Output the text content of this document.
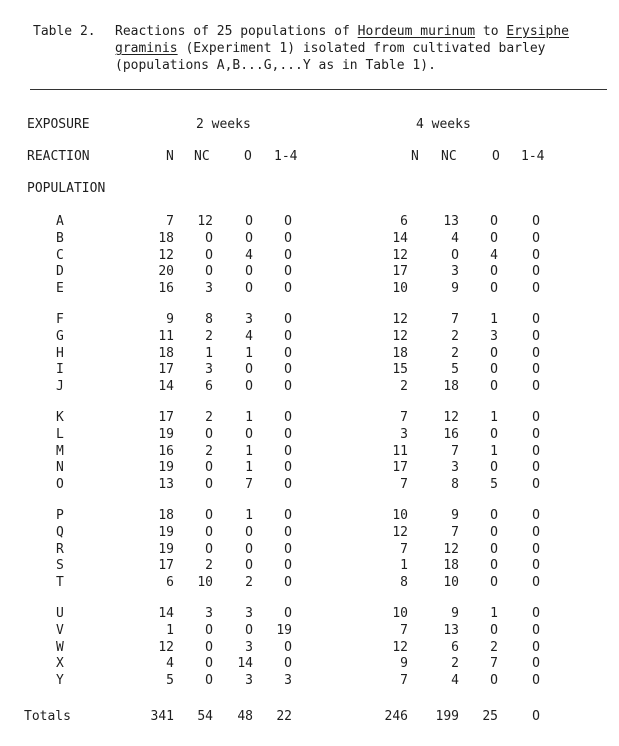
Table 2. Reactions of 25 populations of Hordeum murinum to Erysiphe
graminis (Experiment 1) isolated from cultivated barley
(populations A,B...G,...Y as in Table 1).
EXPOSURE	2 weeks	4 weeks
REACTION
POPULATION
N NC	O 1-4	N NC	O 1-4
A	7 12 O O	6	13 O	O
B	18 O O O	14	4 O	O
C	12 O 4 O	12	O 4	O
D	20 O O O	17	3 O	O
E	16 3 O O	10	9 O	O
F	9 8 3 O	12	7 1	O
G	11 2 4 O	12	2 3	O
H	18 1 1 O	18	2 O	O
I	17 3 O O	15	5 O	O
J	14 6 O O	2	18 O	O
K	17 2 1 O	7	12 1	O
L	19 O O O	3	16 O	O
M	16 2 1 O	11	7 1	O
N	19 O 1 O	17	3 O	O
O	13 O 7 O	7	8 5	O
P	18 O 1 O	10	9 O	O
Q	19 O O O	12	7 O	O
R	19 O O O	7	12 O	O
S	17 2 O O	1	18 O	O
T	6 10 2 O	8	10 O	O
U	14 3 3 O	10	9 1	O
V	1 O O 19	7	13 O	O
W	12 O 3 O	12	6 2	O
X	4 O 14 O	9	2 7	O
Y	5 O 3 3	7	4 O	O
Totals	341 54 48 22	246 199 25	O
